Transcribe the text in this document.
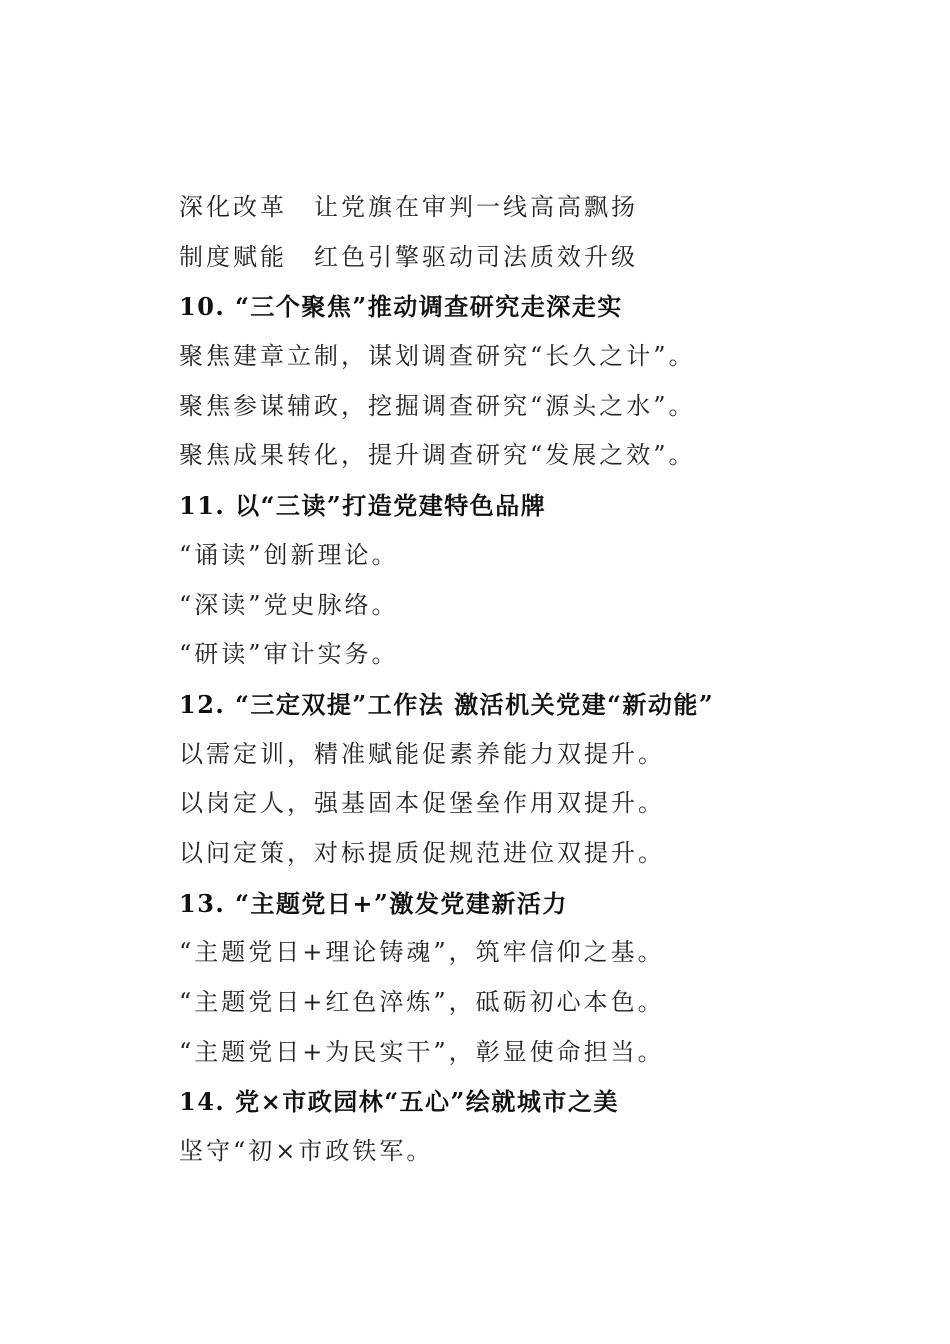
深化改革　让党旗在审判一线高高飘扬
制度赋能　红色引擎驱动司法质效升级
10. “三个聚焦”推动调查研究走深走实
聚焦建章立制，谋划调查研究“长久之计”。
聚焦参谋辅政，挖掘调查研究“源头之水”。
聚焦成果转化，提升调查研究“发展之效”。
11. 以“三读”打造党建特色品牌
“诵读”创新理论。
“深读”党史脉络。
“研读”审计实务。
12. “三定双提”工作法 激活机关党建“新动能”
以需定训，精准赋能促素养能力双提升。
以岗定人，强基固本促堡垒作用双提升。
以问定策，对标提质促规范进位双提升。
13. “主题党日+”激发党建新活力
“主题党日+理论铸魂”，筑牢信仰之基。
“主题党日+红色淬炼”，砥砺初心本色。
“主题党日+为民实干”，彰显使命担当。
14. 党×市政园林“五心”绘就城市之美
坚守“初×市政铁军。
